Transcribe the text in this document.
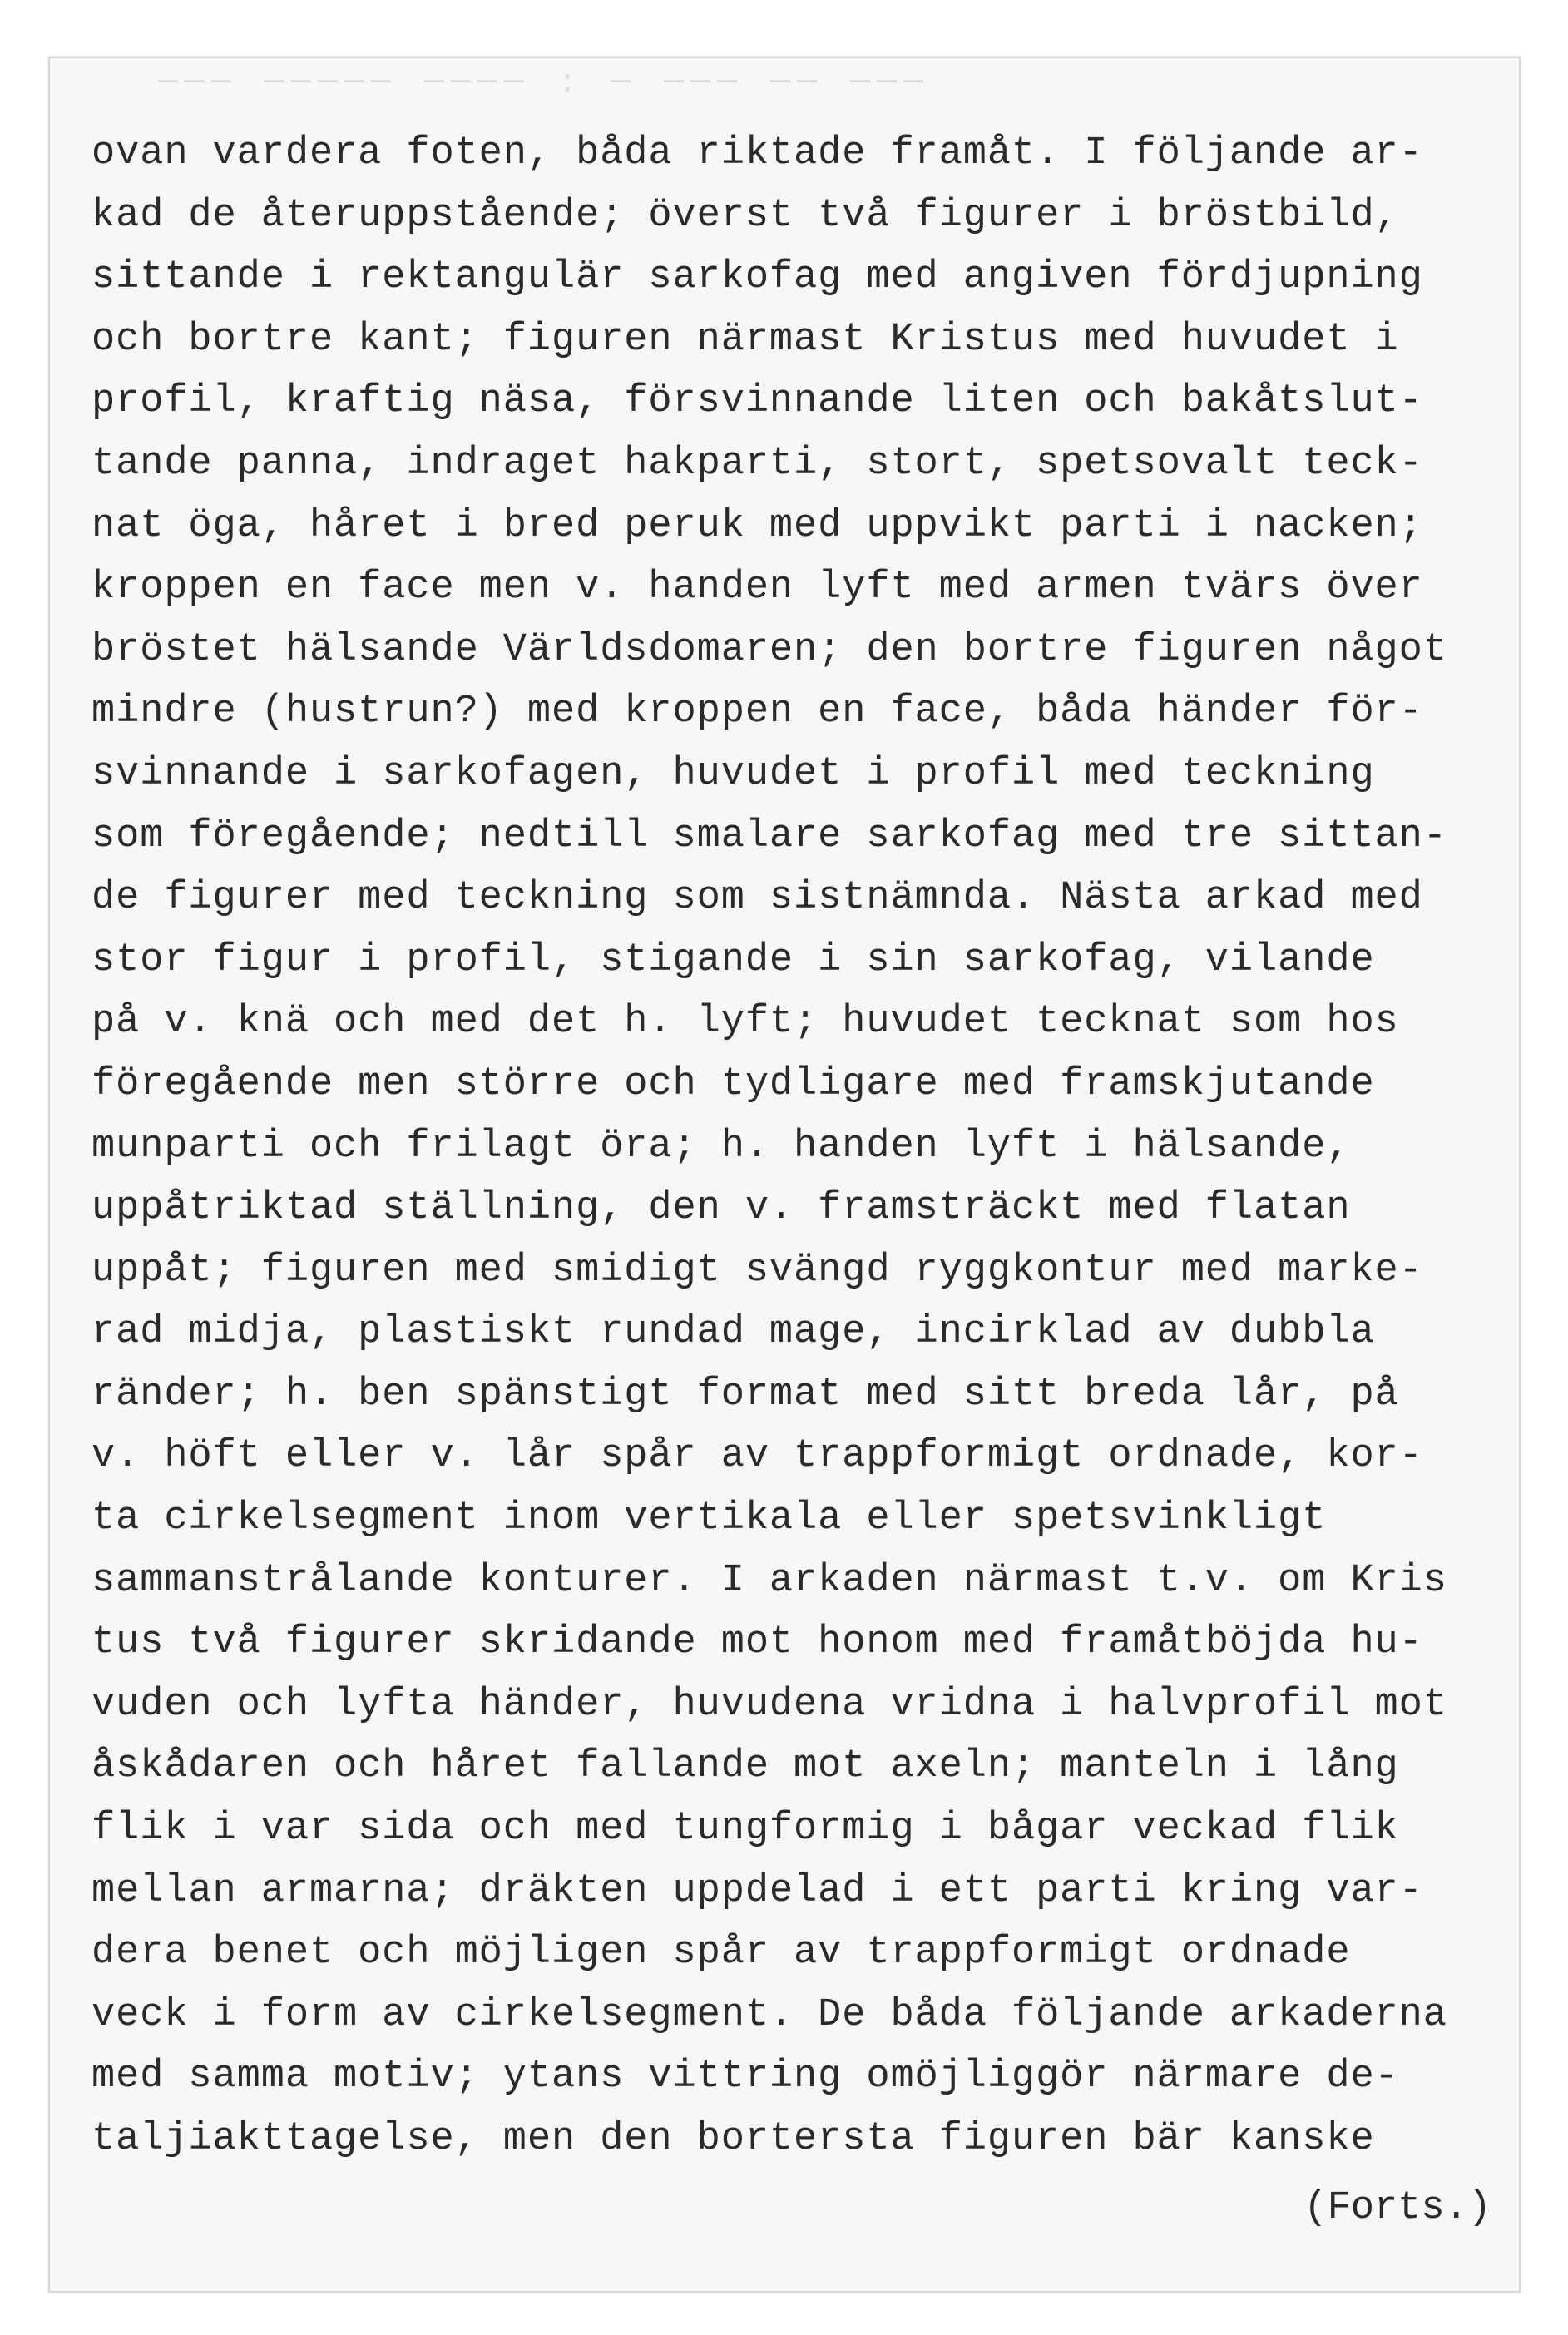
─── ───── ──── : ─ ─── ── ───
ovan vardera foten, båda riktade framåt. I följande ar-
kad de återuppstående; överst två figurer i bröstbild,
sittande i rektangulär sarkofag med angiven fördjupning
och bortre kant; figuren närmast Kristus med huvudet i
profil, kraftig näsa, försvinnande liten och bakåtslut-
tande panna, indraget hakparti, stort, spetsovalt teck-
nat öga, håret i bred peruk med uppvikt parti i nacken;
kroppen en face men v. handen lyft med armen tvärs över
bröstet hälsande Världsdomaren; den bortre figuren något
mindre (hustrun?) med kroppen en face, båda händer för-
svinnande i sarkofagen, huvudet i profil med teckning
som föregående; nedtill smalare sarkofag med tre sittan-
de figurer med teckning som sistnämnda. Nästa arkad med
stor figur i profil, stigande i sin sarkofag, vilande
på v. knä och med det h. lyft; huvudet tecknat som hos
föregående men större och tydligare med framskjutande
munparti och frilagt öra; h. handen lyft i hälsande,
uppåtriktad ställning, den v. framsträckt med flatan
uppåt; figuren med smidigt svängd ryggkontur med marke-
rad midja, plastiskt rundad mage, incirklad av dubbla
ränder; h. ben spänstigt format med sitt breda lår, på
v. höft eller v. lår spår av trappformigt ordnade, kor-
ta cirkelsegment inom vertikala eller spetsvinkligt
sammanstrålande konturer. I arkaden närmast t.v. om Kris
tus två figurer skridande mot honom med framåtböjda hu-
vuden och lyfta händer, huvudena vridna i halvprofil mot
åskådaren och håret fallande mot axeln; manteln i lång
flik i var sida och med tungformig i bågar veckad flik
mellan armarna; dräkten uppdelad i ett parti kring var-
dera benet och möjligen spår av trappformigt ordnade
veck i form av cirkelsegment. De båda följande arkaderna
med samma motiv; ytans vittring omöjliggör närmare de-
taljiakttagelse, men den bortersta figuren bär kanske
(Forts.)
